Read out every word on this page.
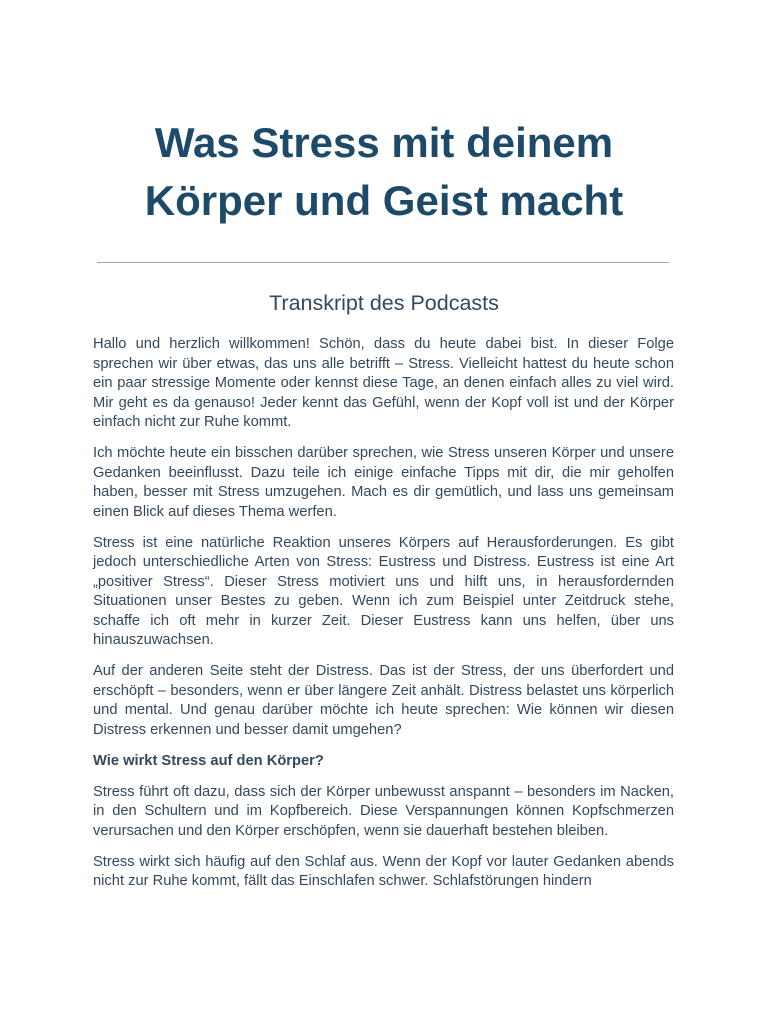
Was Stress mit deinem
Körper und Geist macht
Transkript des Podcasts

Hallo und herzlich willkommen! Schön, dass du heute dabei bist. In dieser Folge sprechen wir über etwas, das uns alle betrifft – Stress. Vielleicht hattest du heute schon ein paar stressige Momente oder kennst diese Tage, an denen einfach alles zu viel wird. Mir geht es da genauso! Jeder kennt das Gefühl, wenn der Kopf voll ist und der Körper einfach nicht zur Ruhe kommt.

Ich möchte heute ein bisschen darüber sprechen, wie Stress unseren Körper und unsere Gedanken beeinflusst. Dazu teile ich einige einfache Tipps mit dir, die mir geholfen haben, besser mit Stress umzugehen. Mach es dir gemütlich, und lass uns gemeinsam einen Blick auf dieses Thema werfen.

Stress ist eine natürliche Reaktion unseres Körpers auf Herausforderungen. Es gibt jedoch unterschiedliche Arten von Stress: Eustress und Distress. Eustress ist eine Art „positiver Stress“. Dieser Stress motiviert uns und hilft uns, in herausfordernden Situationen unser Bestes zu geben. Wenn ich zum Beispiel unter Zeitdruck stehe, schaffe ich oft mehr in kurzer Zeit. Dieser Eustress kann uns helfen, über uns hinauszuwachsen.

Auf der anderen Seite steht der Distress. Das ist der Stress, der uns überfordert und erschöpft – besonders, wenn er über längere Zeit anhält. Distress belastet uns körperlich und mental. Und genau darüber möchte ich heute sprechen: Wie können wir diesen Distress erkennen und besser damit umgehen?

Wie wirkt Stress auf den Körper?

Stress führt oft dazu, dass sich der Körper unbewusst anspannt – besonders im Nacken, in den Schultern und im Kopfbereich. Diese Verspannungen können Kopfschmerzen verursachen und den Körper erschöpfen, wenn sie dauerhaft bestehen bleiben.

Stress wirkt sich häufig auf den Schlaf aus. Wenn der Kopf vor lauter Gedanken abends nicht zur Ruhe kommt, fällt das Einschlafen schwer. Schlafstörungen hindern
